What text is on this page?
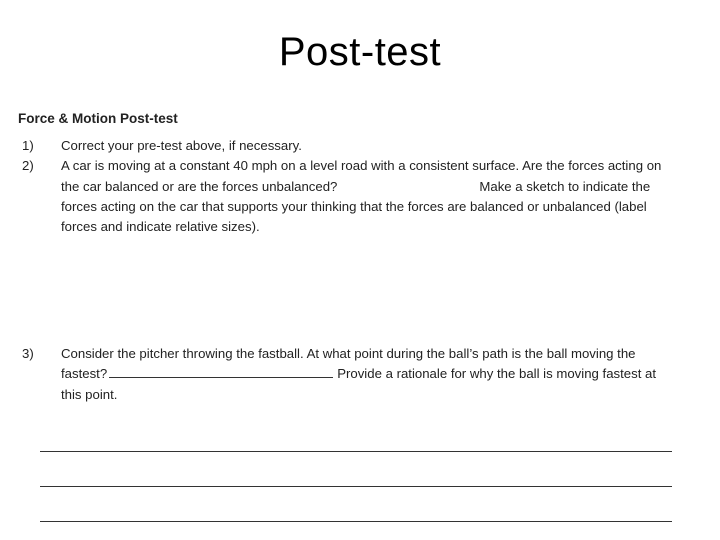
Post-test
Force & Motion Post-test
1) Correct your pre-test above, if necessary.
2) A car is moving at a constant 40 mph on a level road with a consistent surface. Are the forces acting on
the car balanced or are the forces unbalanced?	Make a sketch to indicate the
forces acting on the car that supports your thinking that the forces are balanced or unbalanced (label
forces and indicate relative sizes).
3) Consider the pitcher throwing the fastball. At what point during the ball’s path is the ball moving the
fastest?	Provide a rationale for why the ball is moving fastest at
this point.
